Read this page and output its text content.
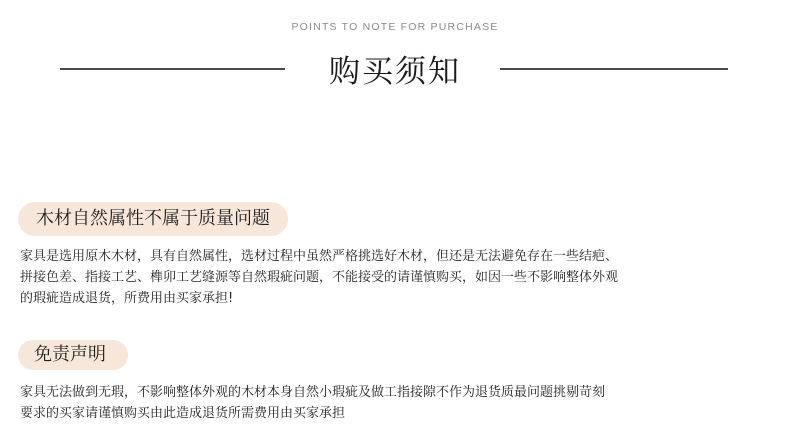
POINTS TO NOTE FOR PURCHASE
购买须知
木材自然属性不属于质量问题
家具是选用原木木材，具有自然属性，选材过程中虽然严格挑选好木材，但还是无法避免存在一些结疤、
拼接色差、指接工艺、榫卯工艺缝源等自然瑕疵问题，不能接受的请谨慎购买，如因一些不影响整体外观
的瑕疵造成退货，所费用由买家承担!
免责声明
家具无法做到无瑕，不影响整体外观的木材本身自然小瑕疵及做工指接隙不作为退货质最问题挑剔苛刻
要求的买家请谨慎购买由此造成退货所需费用由买家承担
